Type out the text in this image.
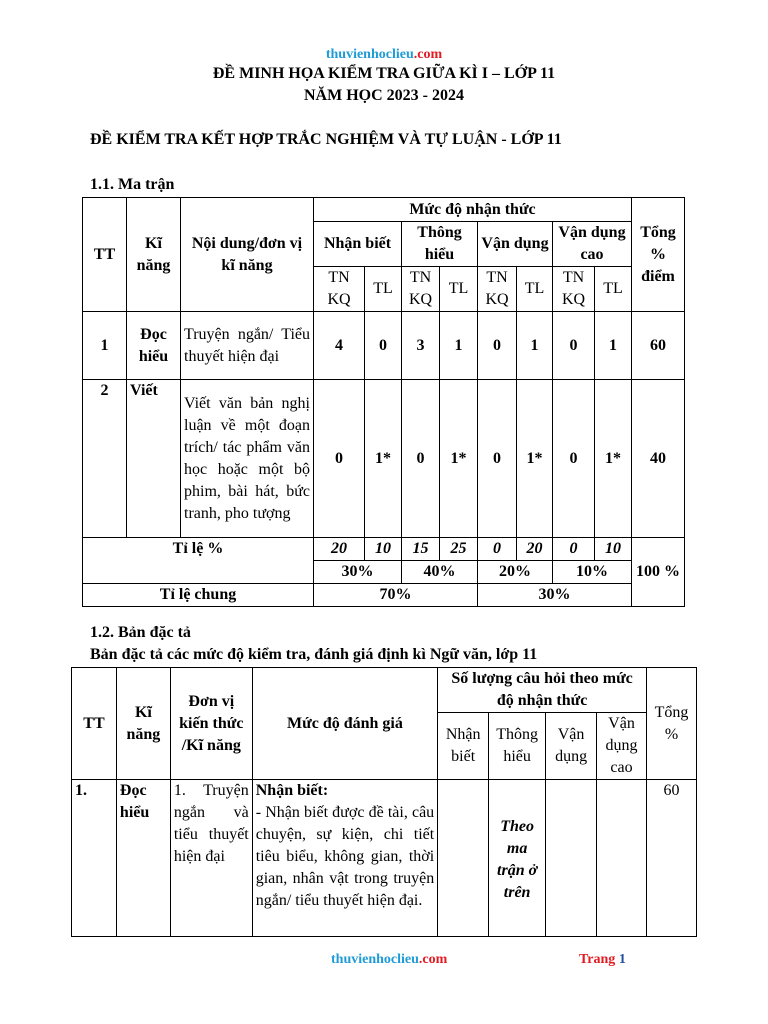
thuvienhoclieu.com
ĐỀ MINH HỌA KIỂM TRA GIỮA KÌ I – LỚP 11
NĂM HỌC 2023 - 2024
ĐỀ KIỂM TRA KẾT HỢP TRẮC NGHIỆM VÀ TỰ LUẬN - LỚP 11
1.1. Ma trận
TT	Kĩ năng	Nội dung/đơn vị kĩ năng	Mức độ nhận thức								Tổng % điểm
			Nhận biết		Thông hiểu		Vận dụng		Vận dụng cao		
			TN KQ	TL	TN KQ	TL	TN KQ	TL	TN KQ	TL	
1	Đọc hiểu	Truyện ngắn/ Tiểu thuyết hiện đại	4	0	3	1	0	1	0	1	60
2	Viết	Viết văn bản nghị luận về một đoạn trích/ tác phẩm văn học hoặc một bộ phim, bài hát, bức tranh, pho tượng	0	1*	0	1*	0	1*	0	1*	40
Tỉ lệ %			20	10	15	25	0	20	0	10	100 %
			30%		40%		20%		10%		
Tỉ lệ chung			70%				30%				
1.2. Bản đặc tả
Bản đặc tả các mức độ kiểm tra, đánh giá định kì Ngữ văn, lớp 11
TT	Kĩ năng	Đơn vị kiến thức /Kĩ năng	Mức độ đánh giá	Số lượng câu hỏi theo mức độ nhận thức				Tổng %
				Nhận biết	Thông hiểu	Vận dụng	Vận dụng cao	
1.	Đọc hiểu	1. Truyện ngắn và tiểu thuyết hiện đại	Nhận biết:
- Nhận biết được đề tài, câu chuyện, sự kiện, chi tiết tiêu biểu, không gian, thời gian, nhân vật trong truyện ngắn/ tiểu thuyết hiện đại.		Theo ma trận ở trên			60
thuvienhoclieu.com	Trang 1
